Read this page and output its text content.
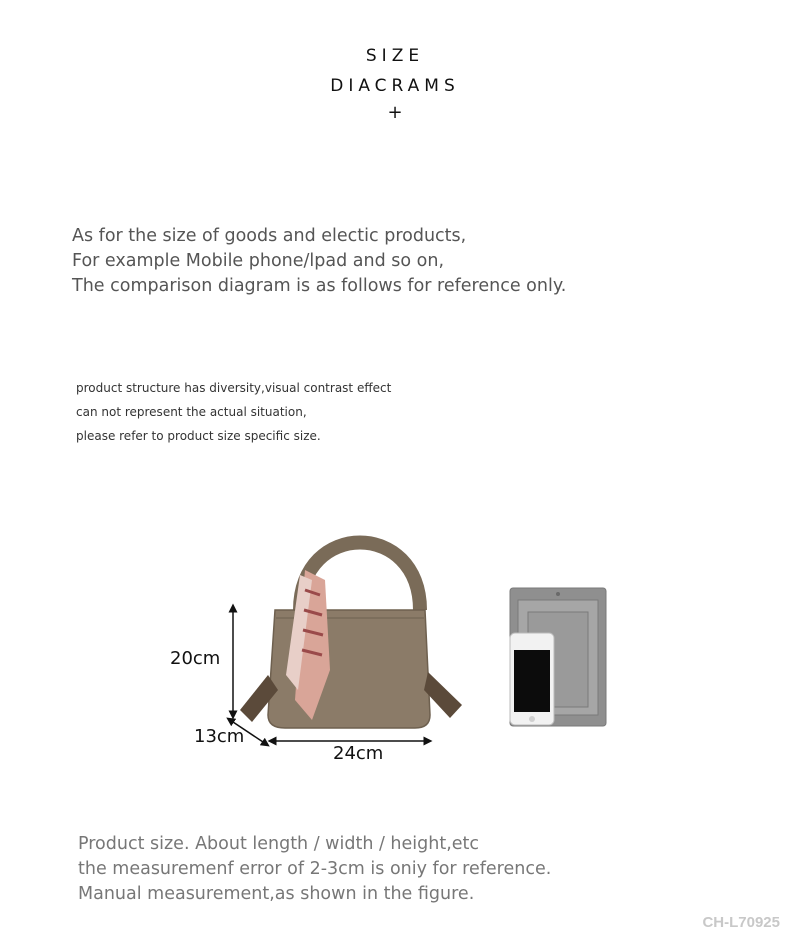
SIZE
DIACRAMS
+
As for the size of goods and electic products,
For example Mobile phone/lpad and so on,
The comparison diagram is as follows for reference only.
product structure has diversity,visual contrast effect
can not represent the actual situation,
please refer to product size specific size.
20cm
13cm
24cm
Product size. About length / width / height,etc
the measuremenf error of 2-3cm is oniy for reference.
Manual measurement,as shown in the figure.
CH-L70925
